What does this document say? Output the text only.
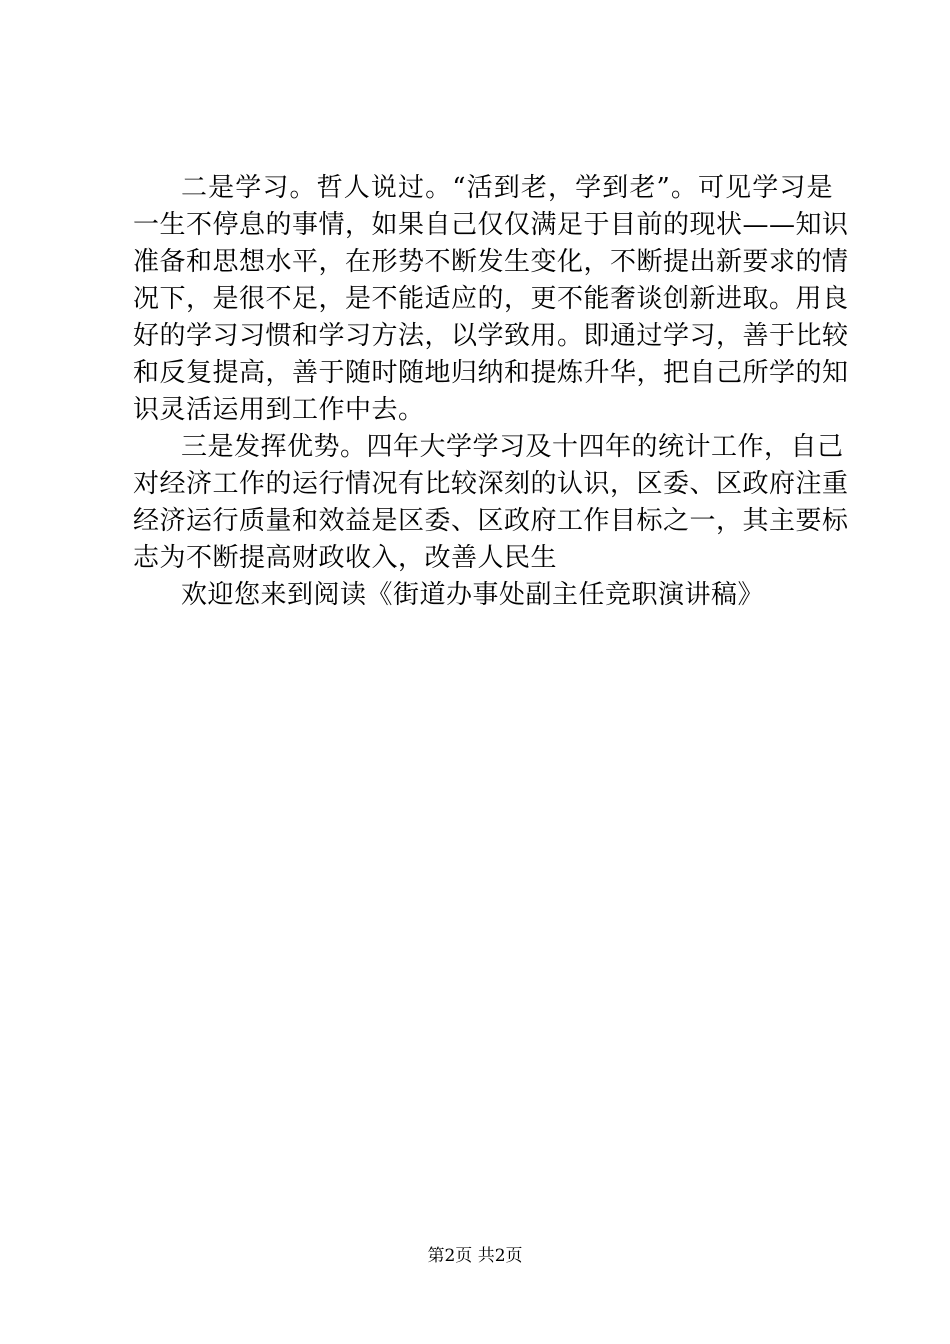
二是学习。哲人说过。“活到老，学到老”。可见学习是
一生不停息的事情，如果自己仅仅满足于目前的现状——知识
准备和思想水平，在形势不断发生变化，不断提出新要求的情
况下，是很不足，是不能适应的，更不能奢谈创新进取。用良
好的学习习惯和学习方法，以学致用。即通过学习，善于比较
和反复提高，善于随时随地归纳和提炼升华，把自己所学的知
识灵活运用到工作中去。
三是发挥优势。四年大学学习及十四年的统计工作，自己
对经济工作的运行情况有比较深刻的认识，区委、区政府注重
经济运行质量和效益是区委、区政府工作目标之一，其主要标
志为不断提高财政收入，改善人民生
欢迎您来到阅读《街道办事处副主任竞职演讲稿》
第2页 共2页
